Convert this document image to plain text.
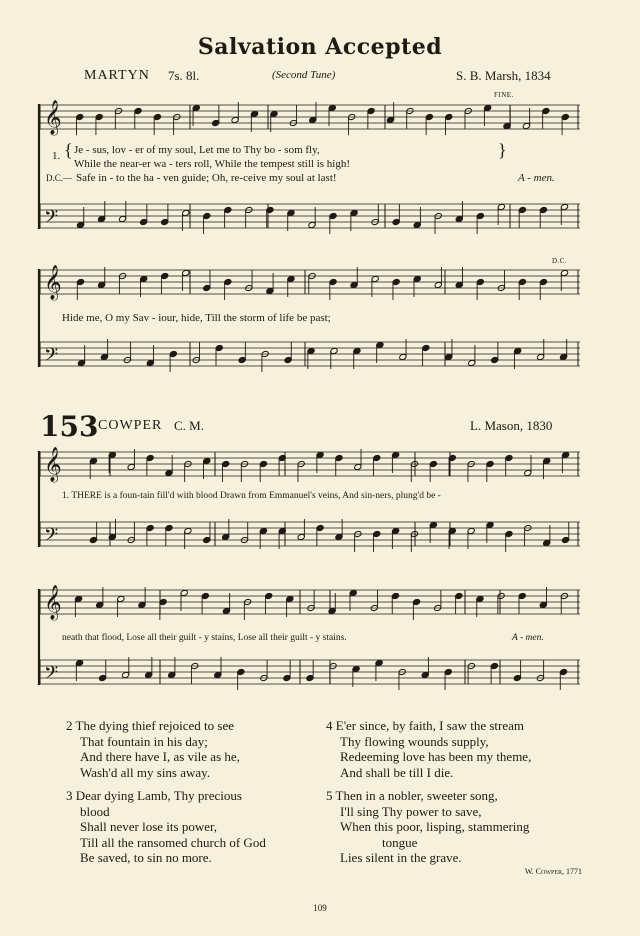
Salvation Accepted
MARTYN 7s. 8l.	(Second Tune)	S. B. Marsh, 1834
FINE.
D.C.
1. { Je - sus, lov - er of my soul, Let me to Thy bo - som fly,
While the near-er wa - ters roll, While the tempest still is high!
}
D.C.— Safe in - to the ha - ven guide; Oh, re-ceive my soul at last!	A - men.
Hide me, O my Sav - iour, hide, Till the storm of life be past;
153 COWPER C. M.	L. Mason, 1830
1. THERE is a foun-tain fill'd with blood Drawn from Emmanuel's veins, And sin-ners, plung'd be -
neath that flood, Lose all their guilt - y stains, Lose all their guilt - y stains.	A - men.
𝄞
𝄢
𝄞
𝄢
𝄞
𝄢
𝄞
𝄢
2 The dying thief rejoiced to see
That fountain in his day;
And there have I, as vile as he,
Wash'd all my sins away.
3 Dear dying Lamb, Thy precious
blood
Shall never lose its power,
Till all the ransomed church of God
Be saved, to sin no more.
4 E'er since, by faith, I saw the stream
Thy flowing wounds supply,
Redeeming love has been my theme,
And shall be till I die.
5 Then in a nobler, sweeter song,
I'll sing Thy power to save,
When this poor, lisping, stammering
tongue
Lies silent in the grave.
W. Cowper, 1771
109
